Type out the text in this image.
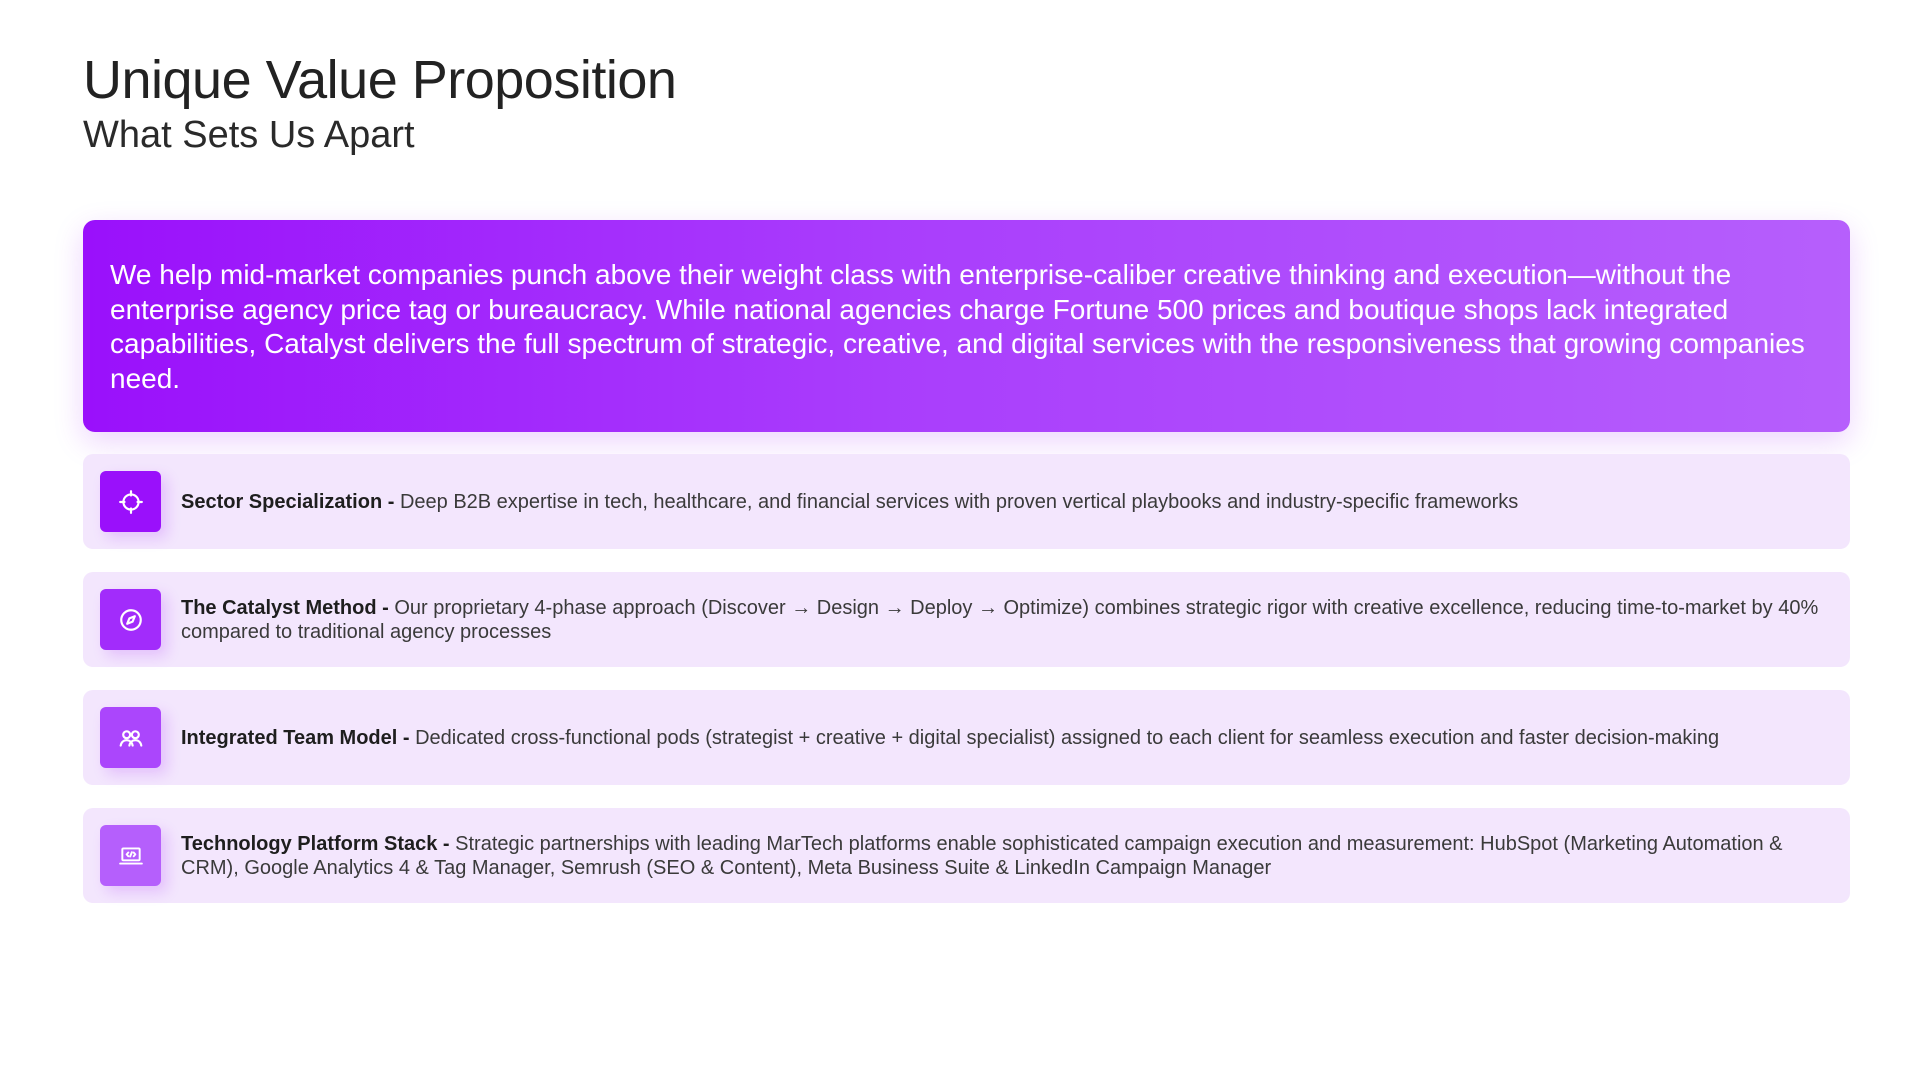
Unique Value Proposition
What Sets Us Apart

We help mid-market companies punch above their weight class with enterprise-caliber creative thinking and execution—without the enterprise agency price tag or bureaucracy. While national agencies charge Fortune 500 prices and boutique shops lack integrated capabilities, Catalyst delivers the full spectrum of strategic, creative, and digital services with the responsiveness that growing companies need.

Sector Specialization - Deep B2B expertise in tech, healthcare, and financial services with proven vertical playbooks and industry-specific frameworks

The Catalyst Method - Our proprietary 4-phase approach (Discover → Design → Deploy → Optimize) combines strategic rigor with creative excellence, reducing time-to-market by 40% compared to traditional agency processes

Integrated Team Model - Dedicated cross-functional pods (strategist + creative + digital specialist) assigned to each client for seamless execution and faster decision-making

Technology Platform Stack - Strategic partnerships with leading MarTech platforms enable sophisticated campaign execution and measurement: HubSpot (Marketing Automation & CRM), Google Analytics 4 & Tag Manager, Semrush (SEO & Content), Meta Business Suite & LinkedIn Campaign Manager
